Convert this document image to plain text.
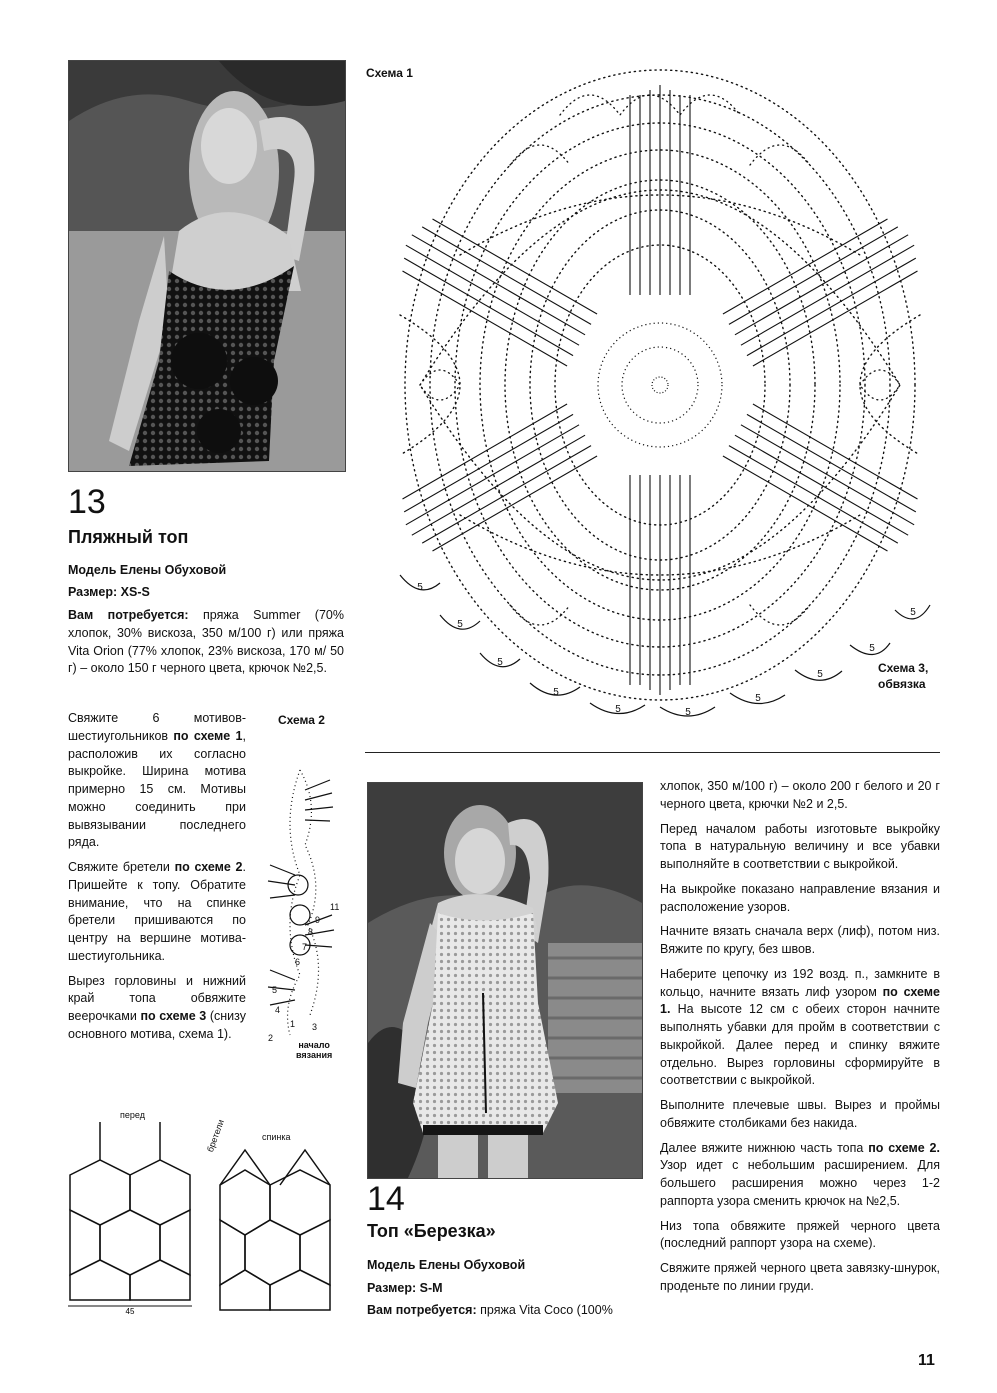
Схема 1
5
5
5
5
5	5
5
5
5
5
Схема 3,
обвязка
13
Пляжный топ
Модель Елены Обуховой
Размер: XS-S
Вам потребуется: пряжа Summer (70% хлопок, 30% вискоза, 350 м/100 г) или пряжа Vita Orion (77% хлопок, 23% вискоза, 170 м/ 50 г) – около 150 г черного цвета, крючок №2,5.

Свяжите 6 мотивов-шестиугольников по схеме 1, расположив их согласно выкройке. Ширина мотива примерно 15 см. Мотивы можно соединить при вывязывании последнего ряда.

Свяжите бретели по схеме 2. Пришейте к топу. Обратите внимание, что на спинке бретели пришиваются по центру на вершине мотива-шестиугольника.

Вырез горловины и нижний край топа обвяжите веерочками по схеме 3 (снизу основного мотива, схема 1).

Схема 2
11
9
8
7
6
5
4
3
2
1
начало
вязания
перед
45
спинка
бретели
14
Топ «Березка»
Модель Елены Обуховой
Размер: S-M
Вам потребуется: пряжа Vita Coco (100%

хлопок, 350 м/100 г) – около 200 г белого и 20 г черного цвета, крючки №2 и 2,5.

Перед началом работы изготовьте выкройку топа в натуральную величину и все убавки выполняйте в соответствии с выкройкой.

На выкройке показано направление вязания и расположение узоров.

Начните вязать сначала верх (лиф), потом низ. Вяжите по кругу, без швов.

Наберите цепочку из 192 возд. п., замкните в кольцо, начните вязать лиф узором по схеме 1. На высоте 12 см с обеих сторон начните выполнять убавки для пройм в соответствии с выкройкой. Далее перед и спинку вяжите отдельно. Вырез горловины сформируйте в соответствии с выкройкой.

Выполните плечевые швы. Вырез и проймы обвяжите столбиками без накида.

Далее вяжите нижнюю часть топа по схеме 2. Узор идет с небольшим расширением. Для большего расширения можно через 1-2 раппорта узора сменить крючок на №2,5.

Низ топа обвяжите пряжей черного цвета (последний раппорт узора на схеме).

Свяжите пряжей черного цвета завязку-шнурок, проденьте по линии груди.

11
